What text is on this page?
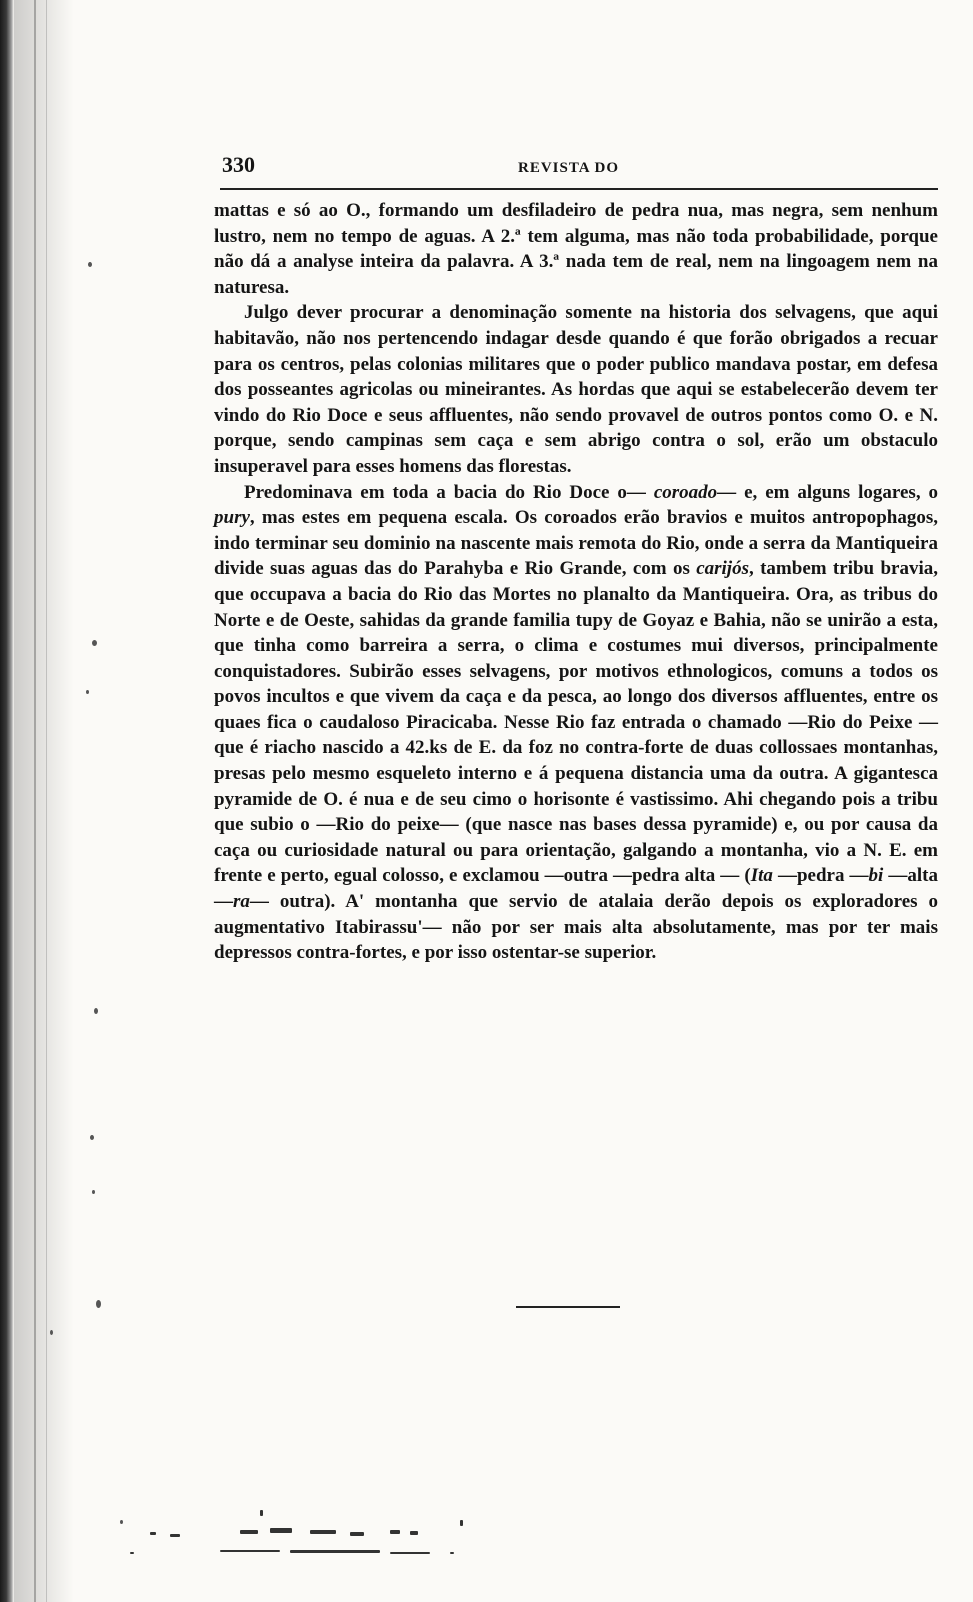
330	REVISTA DO

mattas e só ao O., formando um desfiladeiro de pedra nua, mas negra, sem nenhum lustro, nem no tempo de aguas. A 2.ª tem alguma, mas não toda probabilidade, porque não dá a analyse inteira da palavra. A 3.ª nada tem de real, nem na lingoagem nem na naturesa.

Julgo dever procurar a denominação somente na historia dos selvagens, que aqui habitavão, não nos pertencendo indagar desde quando é que forão obrigados a recuar para os centros, pelas colonias militares que o poder publico mandava postar, em defesa dos posseantes agricolas ou mineirantes. As hordas que aqui se estabelecerão devem ter vindo do Rio Doce e seus affluentes, não sendo provavel de outros pontos como O. e N. porque, sendo campinas sem caça e sem abrigo contra o sol, erão um obstaculo insuperavel para esses homens das florestas.

Predominava em toda a bacia do Rio Doce o— coroado— e, em alguns logares, o pury, mas estes em pequena escala. Os coroados erão bravios e muitos antropophagos, indo terminar seu dominio na nascente mais remota do Rio, onde a serra da Mantiqueira divide suas aguas das do Parahyba e Rio Grande, com os carijós, tambem tribu bravia, que occupava a bacia do Rio das Mortes no planalto da Mantiqueira. Ora, as tribus do Norte e de Oeste, sahidas da grande familia tupy de Goyaz e Bahia, não se unirão a esta, que tinha como barreira a serra, o clima e costumes mui diversos, principalmente conquistadores. Subirão esses selvagens, por motivos ethnologicos, comuns a todos os povos incultos e que vivem da caça e da pesca, ao longo dos diversos affluentes, entre os quaes fica o caudaloso Piracicaba. Nesse Rio faz entrada o chamado —Rio do Peixe —que é riacho nascido a 42.ks de E. da foz no contra-forte de duas collossaes montanhas, presas pelo mesmo esqueleto interno e á pequena distancia uma da outra. A gigantesca pyramide de O. é nua e de seu cimo o horisonte é vastissimo. Ahi chegando pois a tribu que subio o —Rio do peixe— (que nasce nas bases dessa pyramide) e, ou por causa da caça ou curiosidade natural ou para orientação, galgando a montanha, vio a N. E. em frente e perto, egual colosso, e exclamou —outra —pedra alta — (Ita —pedra —bi —alta —ra— outra). A' montanha que servio de atalaia derão depois os exploradores o augmentativo Itabirassu'— não por ser mais alta absolutamente, mas por ter mais depressos contra-fortes, e por isso ostentar-se superior.
